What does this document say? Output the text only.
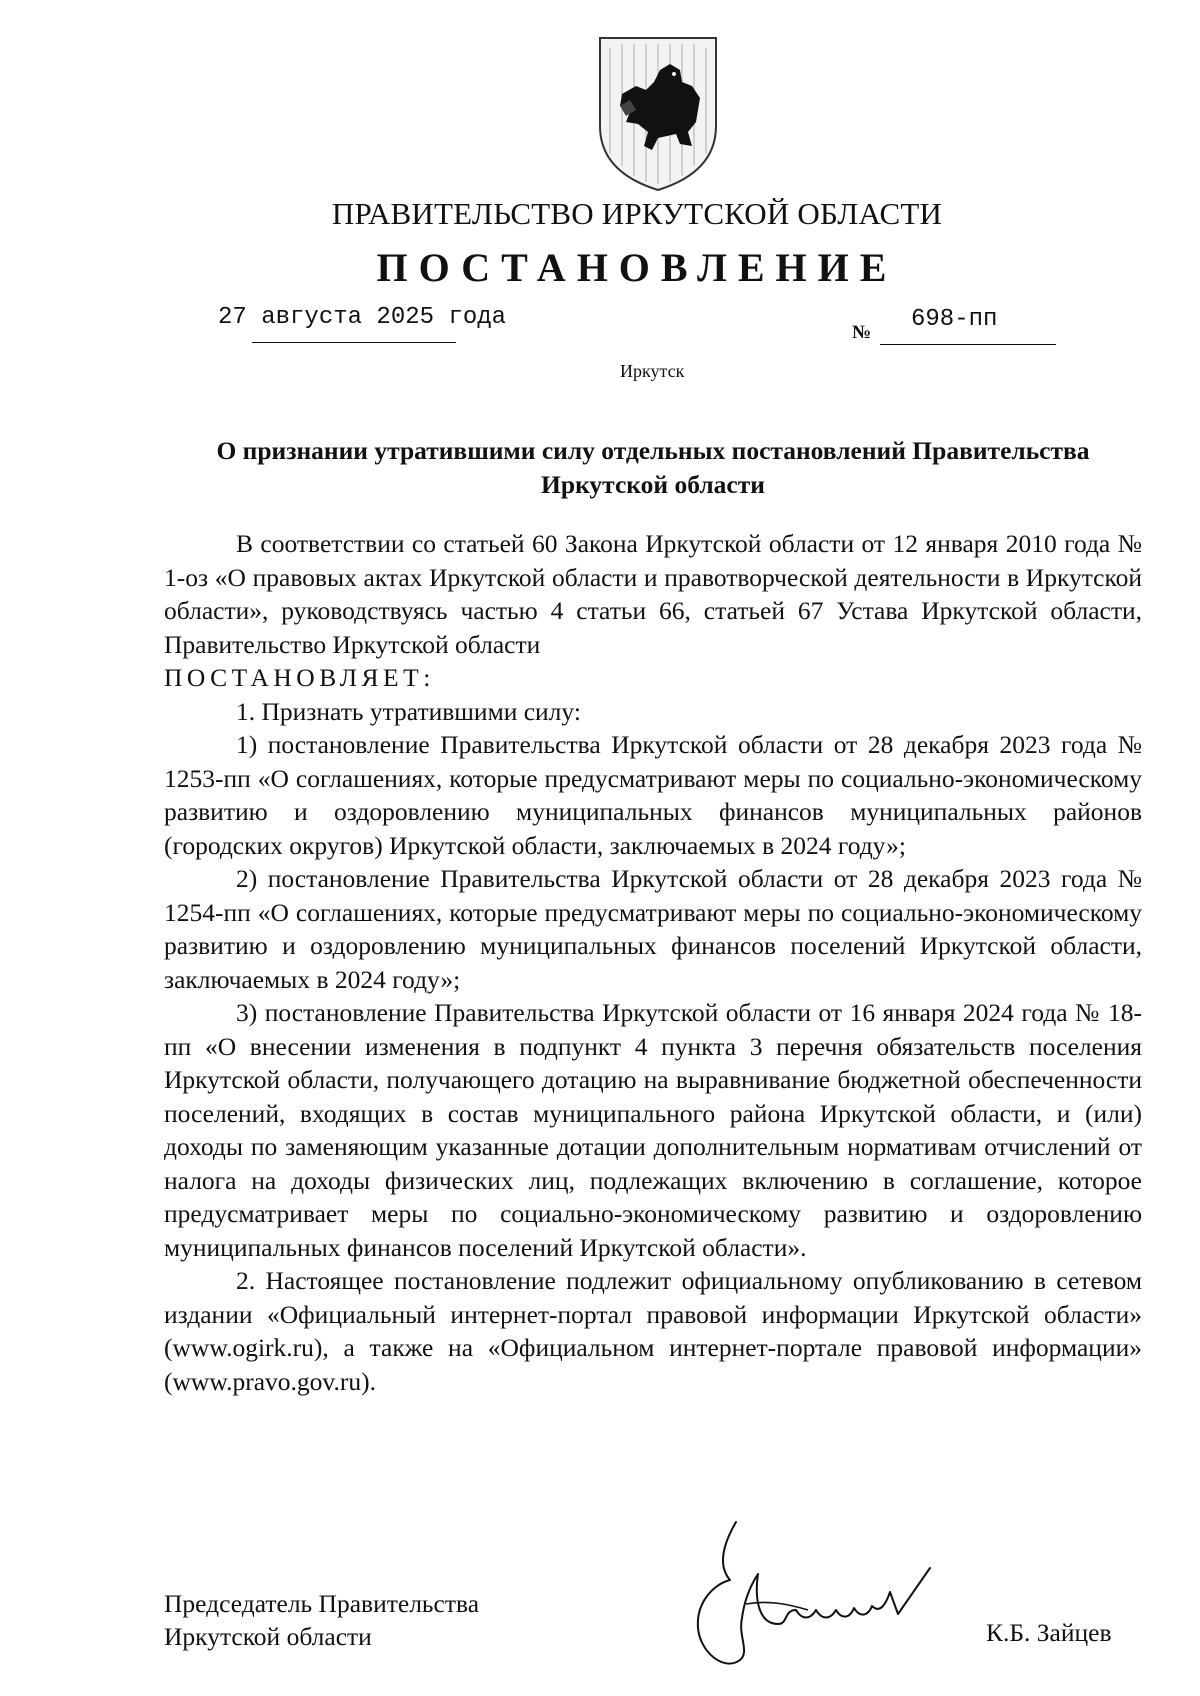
ПРАВИТЕЛЬСТВО ИРКУТСКОЙ ОБЛАСТИ
ПОСТАНОВЛЕНИЕ
27 августа 2025 года
№ 698-пп
Иркутск
О признании утратившими силу отдельных постановлений Правительства Иркутской области

В соответствии со статьей 60 Закона Иркутской области от 12 января 2010 года № 1-оз «О правовых актах Иркутской области и правотворческой деятельности в Иркутской области», руководствуясь частью 4 статьи 66, статьей 67 Устава Иркутской области, Правительство Иркутской области

ПОСТАНОВЛЯЕТ:

1. Признать утратившими силу:

1) постановление Правительства Иркутской области от 28 декабря 2023 года № 1253-пп «О соглашениях, которые предусматривают меры по социально-экономическому развитию и оздоровлению муниципальных финансов муниципальных районов (городских округов) Иркутской области, заключаемых в 2024 году»;

2) постановление Правительства Иркутской области от 28 декабря 2023 года № 1254-пп «О соглашениях, которые предусматривают меры по социально-экономическому развитию и оздоровлению муниципальных финансов поселений Иркутской области, заключаемых в 2024 году»;

3) постановление Правительства Иркутской области от 16 января 2024 года № 18-пп «О внесении изменения в подпункт 4 пункта 3 перечня обязательств поселения Иркутской области, получающего дотацию на выравнивание бюджетной обеспеченности поселений, входящих в состав муниципального района Иркутской области, и (или) доходы по заменяющим указанные дотации дополнительным нормативам отчислений от налога на доходы физических лиц, подлежащих включению в соглашение, которое предусматривает меры по социально-экономическому развитию и оздоровлению муниципальных финансов поселений Иркутской области».

2. Настоящее постановление подлежит официальному опубликованию в сетевом издании «Официальный интернет-портал правовой информации Иркутской области» (www.ogirk.ru), а также на «Официальном интернет-портале правовой информации» (www.pravo.gov.ru).

Председатель Правительства
Иркутской области	К.Б. Зайцев
